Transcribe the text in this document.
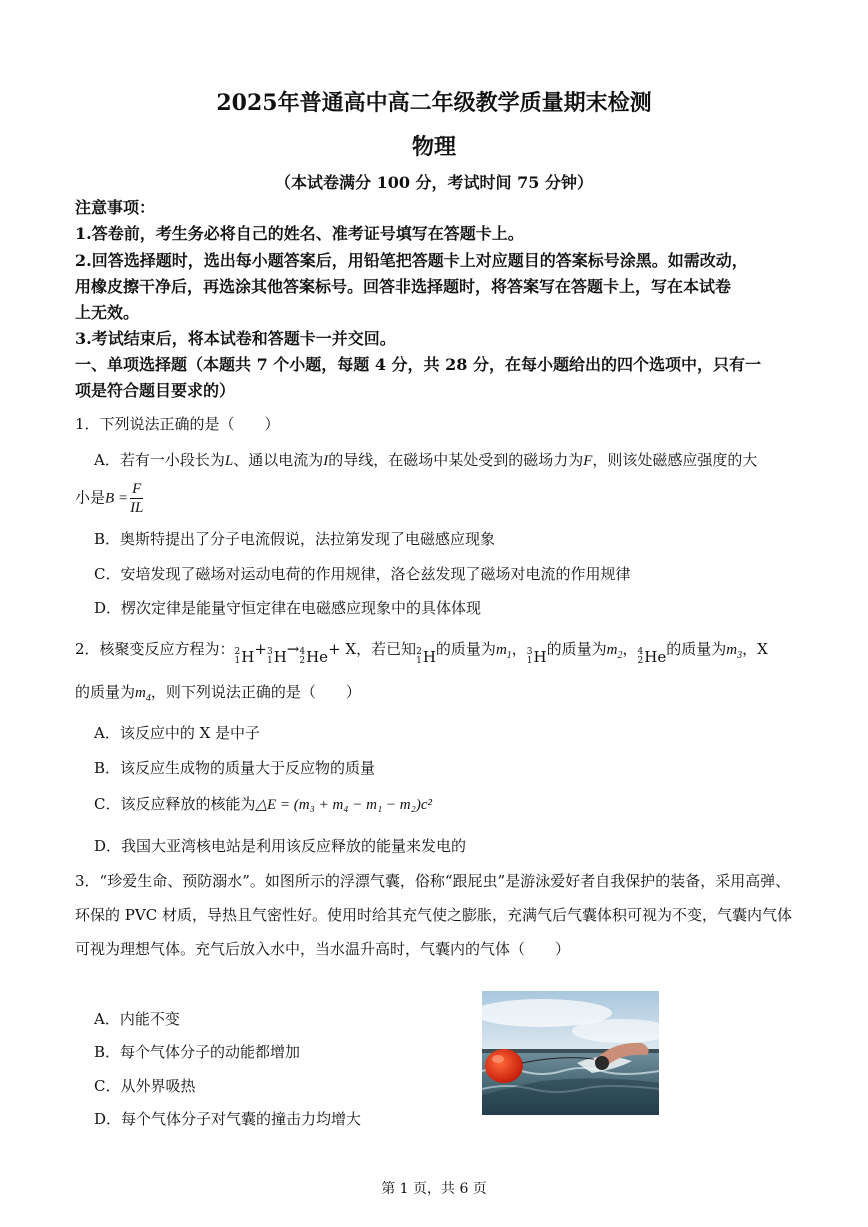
2025年普通高中高二年级教学质量期末检测
物理
（本试卷满分 100 分，考试时间 75 分钟）
注意事项：
1.答卷前，考生务必将自己的姓名、准考证号填写在答题卡上。
2.回答选择题时，选出每小题答案后，用铅笔把答题卡上对应题目的答案标号涂黑。如需改动，
用橡皮擦干净后，再选涂其他答案标号。回答非选择题时，将答案写在答题卡上，写在本试卷
上无效。
3.考试结束后，将本试卷和答题卡一并交回。
一、单项选择题（本题共 7 个小题，每题 4 分，共 28 分，在每小题给出的四个选项中，只有一
项是符合题目要求的）
1．下列说法正确的是（　　）
A．若有一小段长为L、通以电流为I的导线，在磁场中某处受到的磁场力为F，则该处磁感应强度的大
小是$B = \frac{F}{IL}$
B．奥斯特提出了分子电流假说，法拉第发现了电磁感应现象
C．安培发现了磁场对运动电荷的作用规律，洛仑兹发现了磁场对电流的作用规律
D．楞次定律是能量守恒定律在电磁感应现象中的具体体现
2．核聚变反应方程为： 2
1 H+ 3
1 H→ 4
2 He+ X，若已知 2
1 H的质量为$m_1$， 3
1 H的质量为$m_2$， 4
2 He的质量为$m_3$，X
的质量为$m_4$，则下列说法正确的是（　　）
A．该反应中的 X 是中子
B．该反应生成物的质量大于反应物的质量
C．该反应释放的核能为△E = (m₃ + m₄ − m₁ − m₂)c²
D．我国大亚湾核电站是利用该反应释放的能量来发电的
3．“珍爱生命、预防溺水”。如图所示的浮漂气囊，俗称“跟屁虫”是游泳爱好者自我保护的装备，采用高弹、
环保的 PVC 材质，导热且气密性好。使用时给其充气使之膨胀，充满气后气囊体积可视为不变，气囊内气体
可视为理想气体。充气后放入水中，当水温升高时，气囊内的气体（　　）
A．内能不变
B．每个气体分子的动能都增加
C．从外界吸热
D．每个气体分子对气囊的撞击力均增大
第 1 页，共 6 页
